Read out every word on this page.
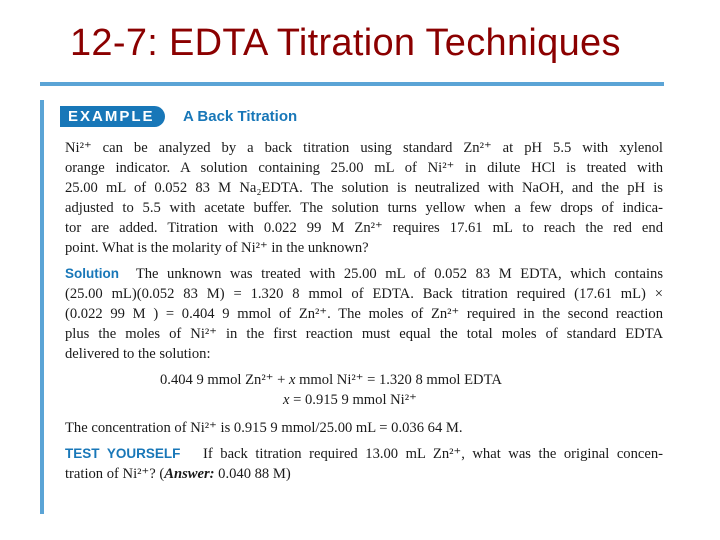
12-7: EDTA Titration Techniques
EXAMPLE A Back Titration
Ni²⁺ can be analyzed by a back titration using standard Zn²⁺ at pH 5.5 with xylenol
orange indicator. A solution containing 25.00 mL of Ni²⁺ in dilute HCl is treated with
25.00 mL of 0.052 83 M Na₂EDTA. The solution is neutralized with NaOH, and the pH is
adjusted to 5.5 with acetate buffer. The solution turns yellow when a few drops of indica-
tor are added. Titration with 0.022 99 M Zn²⁺ requires 17.61 mL to reach the red end
point. What is the molarity of Ni²⁺ in the unknown?
Solution The unknown was treated with 25.00 mL of 0.052 83 M EDTA, which contains
(25.00 mL)(0.052 83 M) = 1.320 8 mmol of EDTA. Back titration required (17.61 mL) ×
(0.022 99 M ) = 0.404 9 mmol of Zn²⁺. The moles of Zn²⁺ required in the second reaction
plus the moles of Ni²⁺ in the first reaction must equal the total moles of standard EDTA
delivered to the solution:
0.404 9 mmol Zn²⁺ + x mmol Ni²⁺ = 1.320 8 mmol EDTA
x = 0.915 9 mmol Ni²⁺
The concentration of Ni²⁺ is 0.915 9 mmol/25.00 mL = 0.036 64 M.
TEST YOURSELF If back titration required 13.00 mL Zn²⁺, what was the original concen-
tration of Ni²⁺? (Answer: 0.040 88 M)
